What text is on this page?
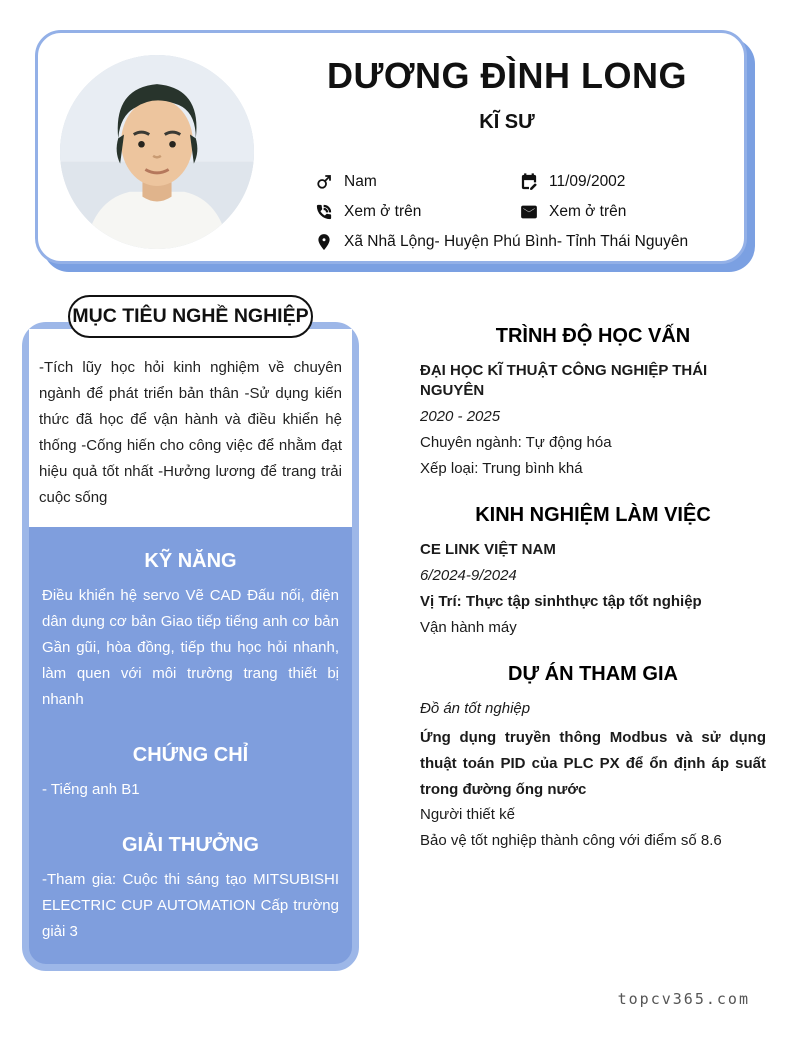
DƯƠNG ĐÌNH LONG
KĨ SƯ
Nam	11/09/2002
Xem ở trên	Xem ở trên
Xã Nhã Lộng- Huyện Phú Bình- Tỉnh Thái Nguyên
MỤC TIÊU NGHỀ NGHIỆP
-Tích lũy học hỏi kinh nghiệm về chuyên ngành để phát triển bản thân -Sử dụng kiến thức đã học để vận hành và điều khiển hệ thống -Cống hiến cho công việc để nhằm đạt hiệu quả tốt nhất -Hưởng lương để trang trải cuộc sống
KỸ NĂNG
Điều khiển hệ servo Vẽ CAD Đấu nối, điện dân dụng cơ bản Giao tiếp tiếng anh cơ bản Gần gũi, hòa đồng, tiếp thu học hỏi nhanh, làm quen với môi trường trang thiết bị nhanh
CHỨNG CHỈ
- Tiếng anh B1
GIẢI THƯỞNG
-Tham gia: Cuộc thi sáng tạo MITSUBISHI ELECTRIC CUP AUTOMATION Cấp trường giải 3
SỞ THÍCH
- Chơi thể thao - Xem phim- Tham gia hoạt động ngoại khóa.- Đi du lịch
TRÌNH ĐỘ HỌC VẤN
ĐẠI HỌC KĨ THUẬT CÔNG NGHIỆP THÁI NGUYÊN
2020 - 2025
Chuyên ngành: Tự động hóa
Xếp loại: Trung bình khá
KINH NGHIỆM LÀM VIỆC
CE LINK VIỆT NAM
6/2024-9/2024
Vị Trí: Thực tập sinhthực tập tốt nghiệp
Vận hành máy
DỰ ÁN THAM GIA
Đồ án tốt nghiệp
Ứng dụng truyền thông Modbus và sử dụng thuật toán PID của PLC PX để ổn định áp suất trong đường ống nước
Người thiết kế
Bảo vệ tốt nghiệp thành công với điểm số 8.6
topcv365.com
